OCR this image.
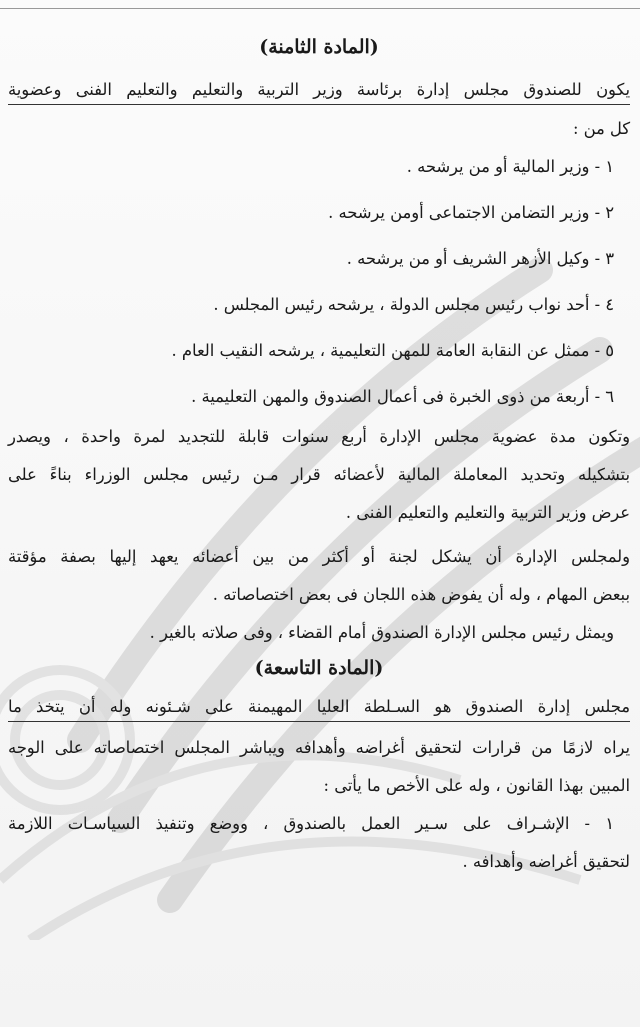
(المادة الثامنة)

يكون للصندوق مجلس إدارة برئاسة وزير التربية والتعليم والتعليم الفنى وعضوية

كل من :

١ - وزير المالية أو من يرشحه .

٢ - وزير التضامن الاجتماعى أومن يرشحه .

٣ - وكيل الأزهر الشريف أو من يرشحه .

٤ - أحد نواب رئيس مجلس الدولة ، يرشحه رئيس المجلس .

٥ - ممثل عن النقابة العامة للمهن التعليمية ، يرشحه النقيب العام .

٦ - أربعة من ذوى الخبرة فى أعمال الصندوق والمهن التعليمية .

وتكون مدة عضوية مجلس الإدارة أربع سنوات قابلة للتجديد لمرة واحدة ، ويصدر

بتشكيله وتحديد المعاملة المالية لأعضائه قرار مـن رئيس مجلس الوزراء بناءً على

عرض وزير التربية والتعليم والتعليم الفنى .

ولمجلس الإدارة أن يشكل لجنة أو أكثر من بين أعضائه يعهد إليها بصفة مؤقتة

ببعض المهام ، وله أن يفوض هذه اللجان فى بعض اختصاصاته .

ويمثل رئيس مجلس الإدارة الصندوق أمام القضاء ، وفى صلاته بالغير .

(المادة التاسعة)

مجلس إدارة الصندوق هو السـلطة العليا المهيمنة على شـئونه وله أن يتخذ ما

يراه لازمًا من قرارات لتحقيق أغراضه وأهدافه ويباشر المجلس اختصاصاته على الوجه

المبين بهذا القانون ، وله على الأخص ما يأتى :

١ - الإشـراف على سـير العمل بالصندوق ، ووضع وتنفيذ السياسـات اللازمة

لتحقيق أغراضه وأهدافه .
